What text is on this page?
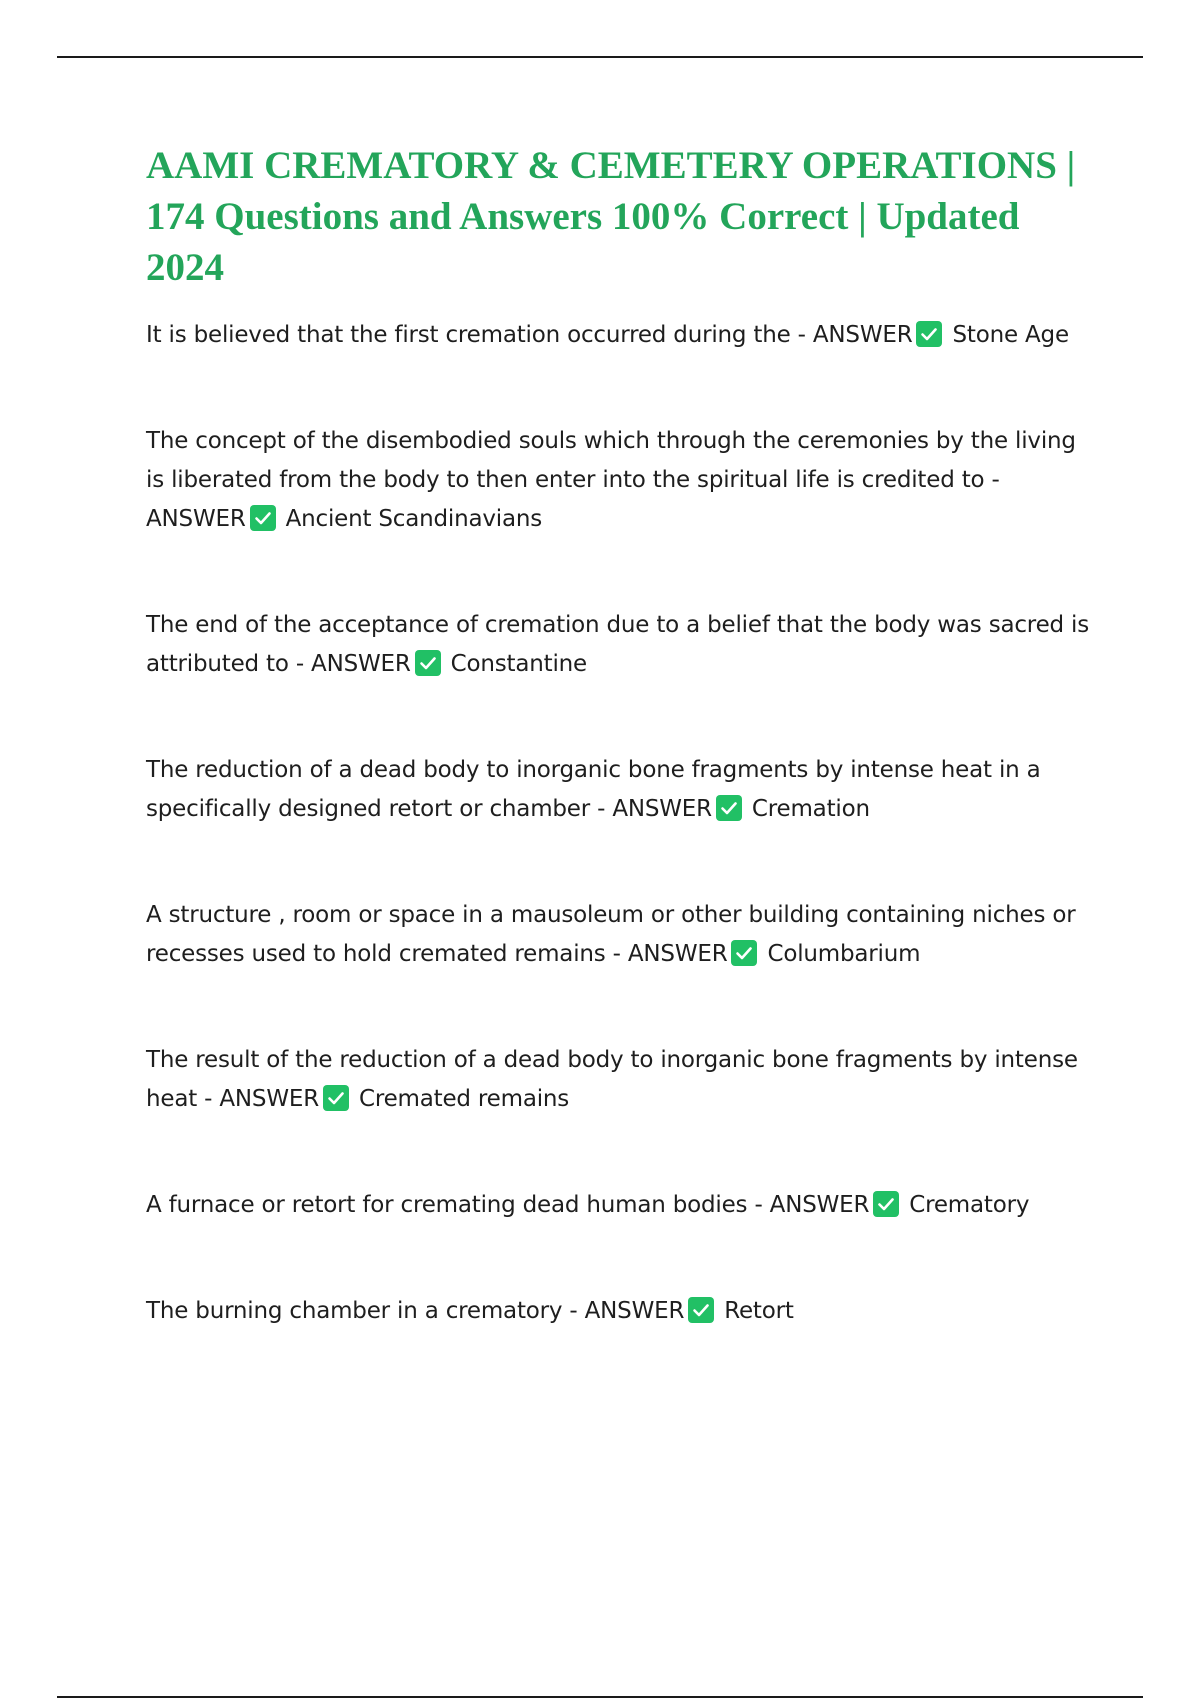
AAMI CREMATORY & CEMETERY OPERATIONS | 174 Questions and Answers 100% Correct | Updated 2024

It is believed that the first cremation occurred during the - ANSWER Stone Age

The concept of the disembodied souls which through the ceremonies by the living is liberated from the body to then enter into the spiritual life is credited to - ANSWER Ancient Scandinavians

The end of the acceptance of cremation due to a belief that the body was sacred is attributed to - ANSWER Constantine

The reduction of a dead body to inorganic bone fragments by intense heat in a specifically designed retort or chamber - ANSWER Cremation

A structure , room or space in a mausoleum or other building containing niches or recesses used to hold cremated remains - ANSWER Columbarium

The result of the reduction of a dead body to inorganic bone fragments by intense heat - ANSWER Cremated remains

A furnace or retort for cremating dead human bodies - ANSWER Crematory

The burning chamber in a crematory - ANSWER Retort
